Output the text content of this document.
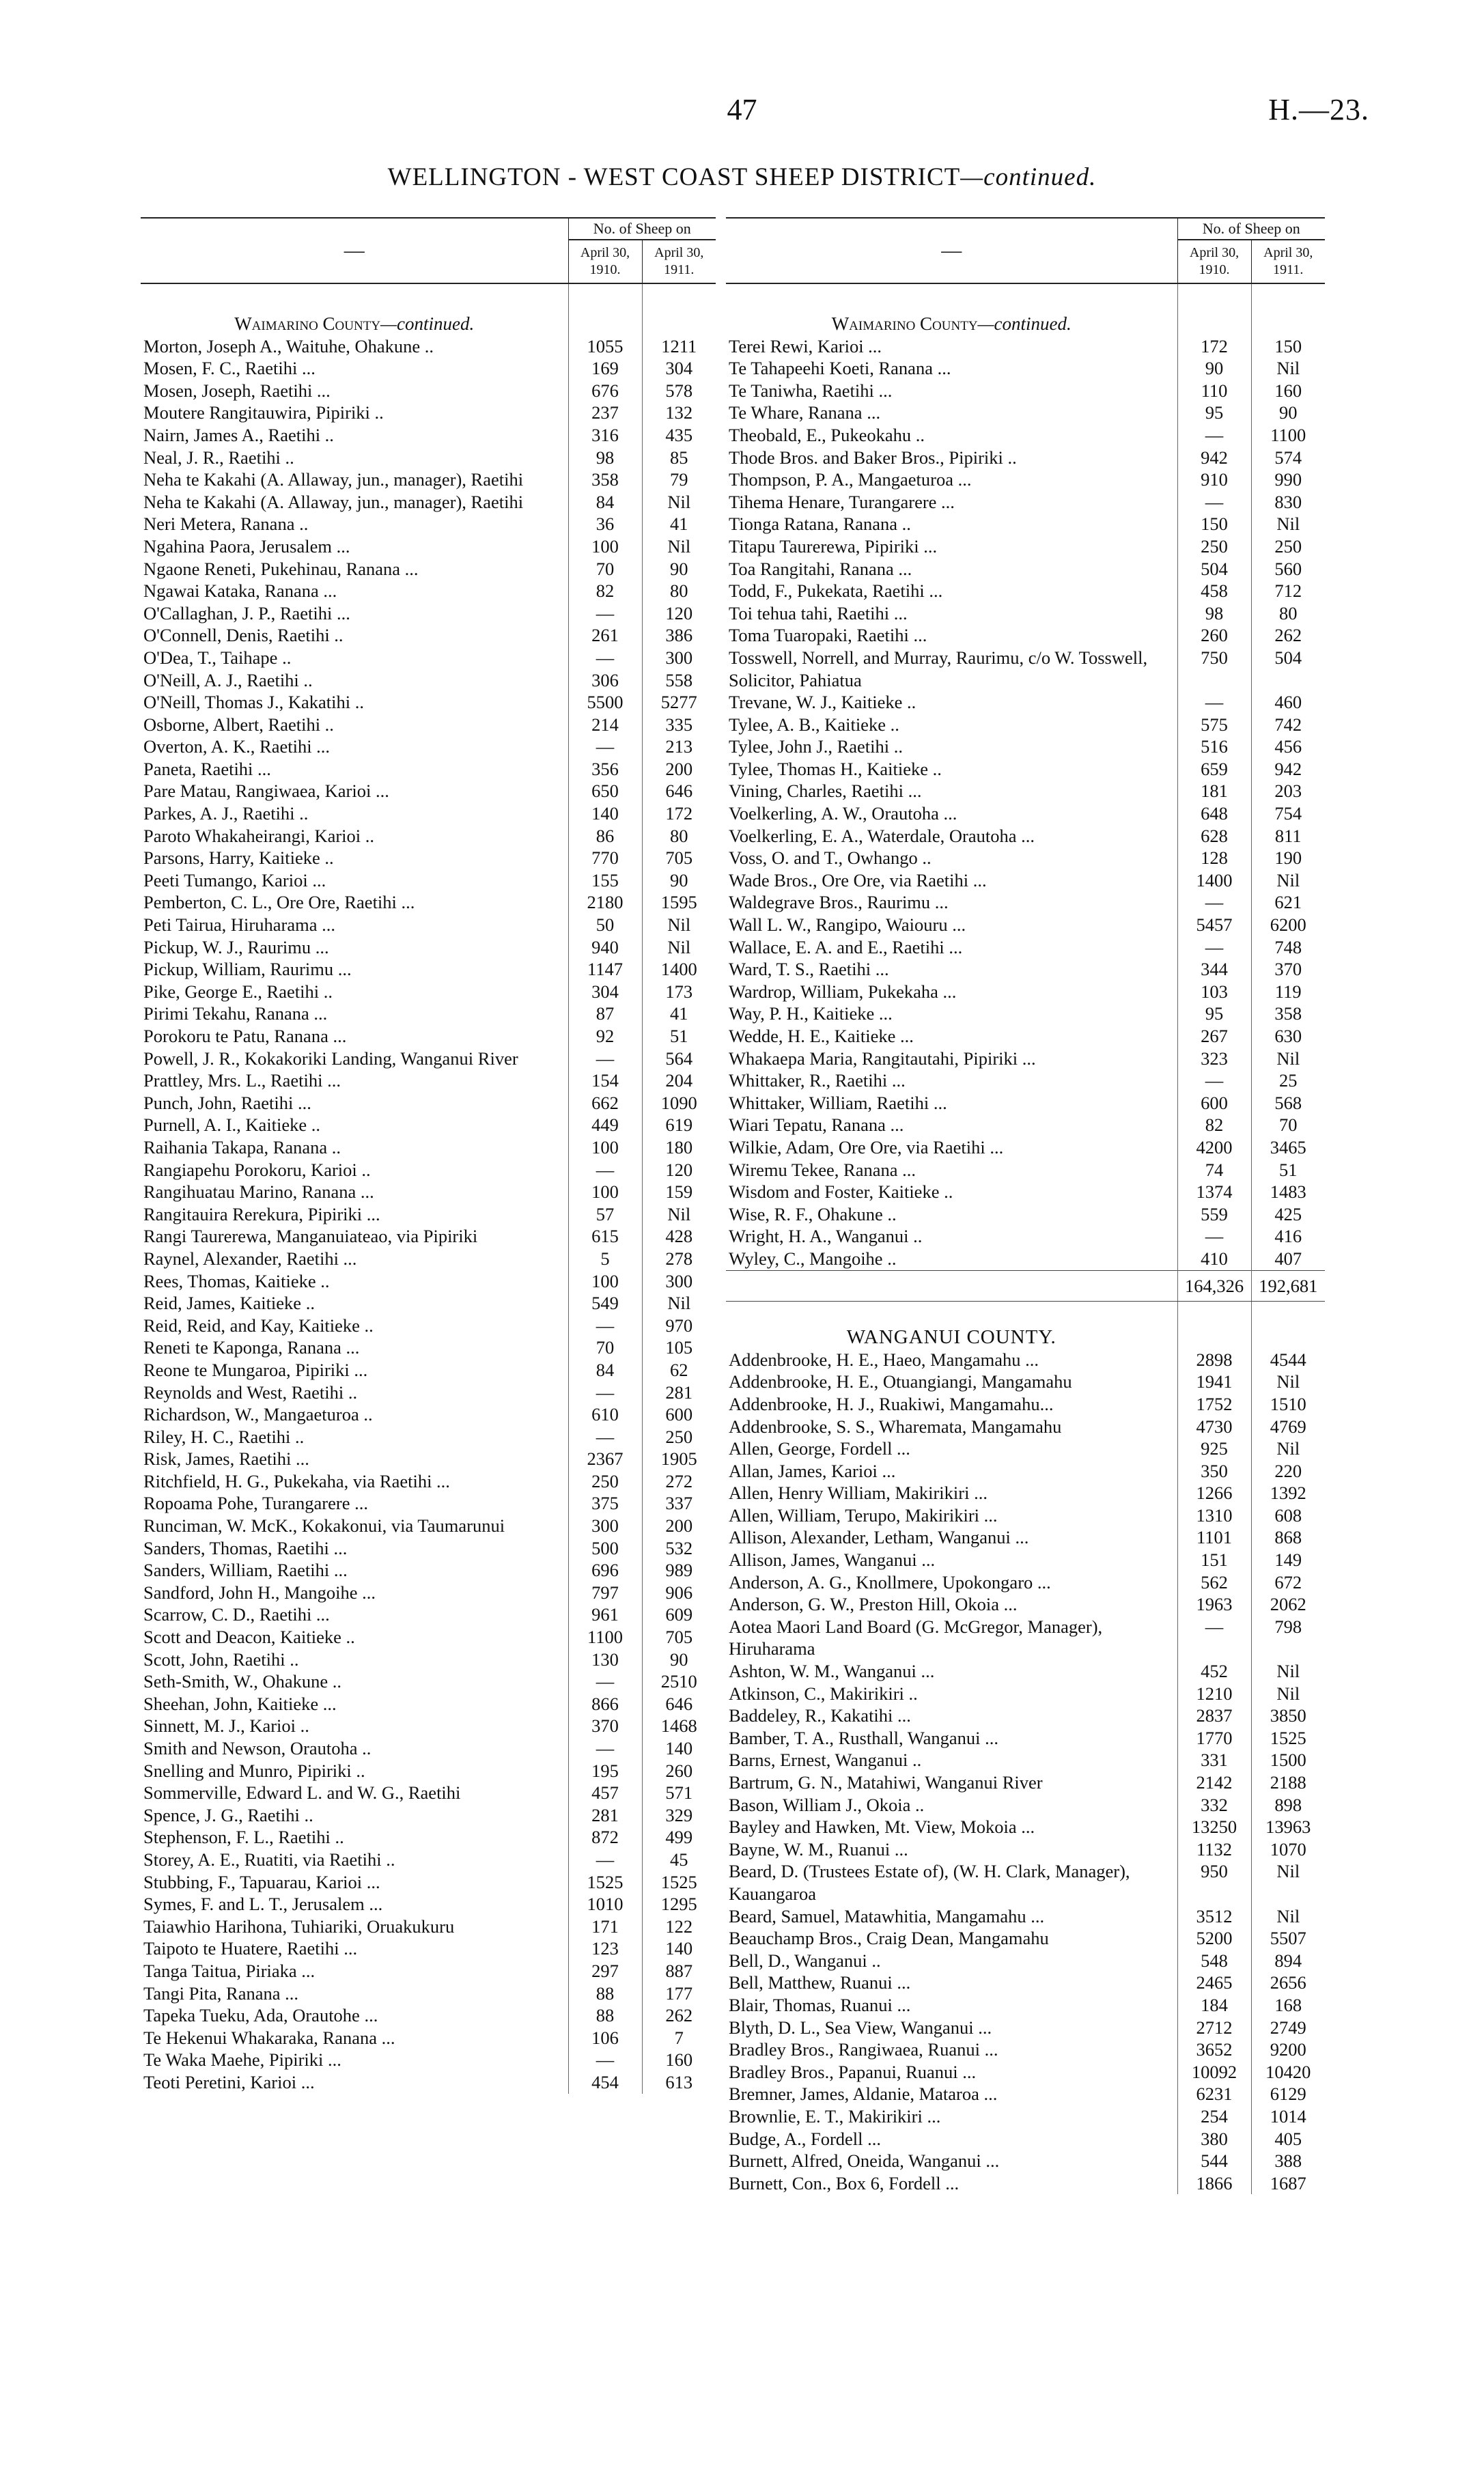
47	H.—23.
WELLINGTON - WEST COAST SHEEP DISTRICT—continued.
—	No. of Sheep on	
	April 30, 1910.	April 30, 1911.
Waimarino County—continued.		
Morton, Joseph A., Waituhe, Ohakune ..	1055	1211
Mosen, F. C., Raetihi ...	169	304
Mosen, Joseph, Raetihi ...	676	578
Moutere Rangitauwira, Pipiriki ..	237	132
Nairn, James A., Raetihi ..	316	435
Neal, J. R., Raetihi ..	98	85
Neha te Kakahi (A. Allaway, jun., manager), Raetihi	358	79
Neha te Kakahi (A. Allaway, jun., manager), Raetihi	84	Nil
Neri Metera, Ranana ..	36	41
Ngahina Paora, Jerusalem ...	100	Nil
Ngaone Reneti, Pukehinau, Ranana ...	70	90
Ngawai Kataka, Ranana ...	82	80
O'Callaghan, J. P., Raetihi ...	—	120
O'Connell, Denis, Raetihi ..	261	386
O'Dea, T., Taihape ..	—	300
O'Neill, A. J., Raetihi ..	306	558
O'Neill, Thomas J., Kakatihi ..	5500	5277
Osborne, Albert, Raetihi ..	214	335
Overton, A. K., Raetihi ...	—	213
Paneta, Raetihi ...	356	200
Pare Matau, Rangiwaea, Karioi ...	650	646
Parkes, A. J., Raetihi ..	140	172
Paroto Whakaheirangi, Karioi ..	86	80
Parsons, Harry, Kaitieke ..	770	705
Peeti Tumango, Karioi ...	155	90
Pemberton, C. L., Ore Ore, Raetihi ...	2180	1595
Peti Tairua, Hiruharama ...	50	Nil
Pickup, W. J., Raurimu ...	940	Nil
Pickup, William, Raurimu ...	1147	1400
Pike, George E., Raetihi ..	304	173
Pirimi Tekahu, Ranana ...	87	41
Porokoru te Patu, Ranana ...	92	51
Powell, J. R., Kokakoriki Landing, Wanganui River	—	564
Prattley, Mrs. L., Raetihi ...	154	204
Punch, John, Raetihi ...	662	1090
Purnell, A. I., Kaitieke ..	449	619
Raihania Takapa, Ranana ..	100	180
Rangiapehu Porokoru, Karioi ..	—	120
Rangihuatau Marino, Ranana ...	100	159
Rangitauira Rerekura, Pipiriki ...	57	Nil
Rangi Taurerewa, Manganuiateao, via Pipiriki	615	428
Raynel, Alexander, Raetihi ...	5	278
Rees, Thomas, Kaitieke ..	100	300
Reid, James, Kaitieke ..	549	Nil
Reid, Reid, and Kay, Kaitieke ..	—	970
Reneti te Kaponga, Ranana ...	70	105
Reone te Mungaroa, Pipiriki ...	84	62
Reynolds and West, Raetihi ..	—	281
Richardson, W., Mangaeturoa ..	610	600
Riley, H. C., Raetihi ..	—	250
Risk, James, Raetihi ...	2367	1905
Ritchfield, H. G., Pukekaha, via Raetihi ...	250	272
Ropoama Pohe, Turangarere ...	375	337
Runciman, W. McK., Kokakonui, via Taumarunui	300	200
Sanders, Thomas, Raetihi ...	500	532
Sanders, William, Raetihi ...	696	989
Sandford, John H., Mangoihe ...	797	906
Scarrow, C. D., Raetihi ...	961	609
Scott and Deacon, Kaitieke ..	1100	705
Scott, John, Raetihi ..	130	90
Seth-Smith, W., Ohakune ..	—	2510
Sheehan, John, Kaitieke ...	866	646
Sinnett, M. J., Karioi ..	370	1468
Smith and Newson, Orautoha ..	—	140
Snelling and Munro, Pipiriki ..	195	260
Sommerville, Edward L. and W. G., Raetihi	457	571
Spence, J. G., Raetihi ..	281	329
Stephenson, F. L., Raetihi ..	872	499
Storey, A. E., Ruatiti, via Raetihi ..	—	45
Stubbing, F., Tapuarau, Karioi ...	1525	1525
Symes, F. and L. T., Jerusalem ...	1010	1295
Taiawhio Harihona, Tuhiariki, Oruakukuru	171	122
Taipoto te Huatere, Raetihi ...	123	140
Tanga Taitua, Piriaka ...	297	887
Tangi Pita, Ranana ...	88	177
Tapeka Tueku, Ada, Orautohe ...	88	262
Te Hekenui Whakaraka, Ranana ...	106	7
Te Waka Maehe, Pipiriki ...	—	160
Teoti Peretini, Karioi ...	454	613
—	No. of Sheep on	
	April 30, 1910.	April 30, 1911.
Waimarino County—continued.		
Terei Rewi, Karioi ...	172	150
Te Tahapeehi Koeti, Ranana ...	90	Nil
Te Taniwha, Raetihi ...	110	160
Te Whare, Ranana ...	95	90
Theobald, E., Pukeokahu ..	—	1100
Thode Bros. and Baker Bros., Pipiriki ..	942	574
Thompson, P. A., Mangaeturoa ...	910	990
Tihema Henare, Turangarere ...	—	830
Tionga Ratana, Ranana ..	150	Nil
Titapu Taurerewa, Pipiriki ...	250	250
Toa Rangitahi, Ranana ...	504	560
Todd, F., Pukekata, Raetihi ...	458	712
Toi tehua tahi, Raetihi ...	98	80
Toma Tuaropaki, Raetihi ...	260	262
Tosswell, Norrell, and Murray, Raurimu, c/o W. Tosswell, Solicitor, Pahiatua	750	504
Trevane, W. J., Kaitieke ..	—	460
Tylee, A. B., Kaitieke ..	575	742
Tylee, John J., Raetihi ..	516	456
Tylee, Thomas H., Kaitieke ..	659	942
Vining, Charles, Raetihi ...	181	203
Voelkerling, A. W., Orautoha ...	648	754
Voelkerling, E. A., Waterdale, Orautoha ...	628	811
Voss, O. and T., Owhango ..	128	190
Wade Bros., Ore Ore, via Raetihi ...	1400	Nil
Waldegrave Bros., Raurimu ...	—	621
Wall L. W., Rangipo, Waiouru ...	5457	6200
Wallace, E. A. and E., Raetihi ...	—	748
Ward, T. S., Raetihi ...	344	370
Wardrop, William, Pukekaha ...	103	119
Way, P. H., Kaitieke ...	95	358
Wedde, H. E., Kaitieke ...	267	630
Whakaepa Maria, Rangitautahi, Pipiriki ...	323	Nil
Whittaker, R., Raetihi ...	—	25
Whittaker, William, Raetihi ...	600	568
Wiari Tepatu, Ranana ...	82	70
Wilkie, Adam, Ore Ore, via Raetihi ...	4200	3465
Wiremu Tekee, Ranana ...	74	51
Wisdom and Foster, Kaitieke ..	1374	1483
Wise, R. F., Ohakune ..	559	425
Wright, H. A., Wanganui ..	—	416
Wyley, C., Mangoihe ..	410	407
	164,326	192,681
WANGANUI COUNTY.		
Addenbrooke, H. E., Haeo, Mangamahu ...	2898	4544
Addenbrooke, H. E., Otuangiangi, Mangamahu	1941	Nil
Addenbrooke, H. J., Ruakiwi, Mangamahu...	1752	1510
Addenbrooke, S. S., Wharemata, Mangamahu	4730	4769
Allen, George, Fordell ...	925	Nil
Allan, James, Karioi ...	350	220
Allen, Henry William, Makirikiri ...	1266	1392
Allen, William, Terupo, Makirikiri ...	1310	608
Allison, Alexander, Letham, Wanganui ...	1101	868
Allison, James, Wanganui ...	151	149
Anderson, A. G., Knollmere, Upokongaro ...	562	672
Anderson, G. W., Preston Hill, Okoia ...	1963	2062
Aotea Maori Land Board (G. McGregor, Manager), Hiruharama	—	798
Ashton, W. M., Wanganui ...	452	Nil
Atkinson, C., Makirikiri ..	1210	Nil
Baddeley, R., Kakatihi ...	2837	3850
Bamber, T. A., Rusthall, Wanganui ...	1770	1525
Barns, Ernest, Wanganui ..	331	1500
Bartrum, G. N., Matahiwi, Wanganui River	2142	2188
Bason, William J., Okoia ..	332	898
Bayley and Hawken, Mt. View, Mokoia ...	13250	13963
Bayne, W. M., Ruanui ...	1132	1070
Beard, D. (Trustees Estate of), (W. H. Clark, Manager), Kauangaroa	950	Nil
Beard, Samuel, Matawhitia, Mangamahu ...	3512	Nil
Beauchamp Bros., Craig Dean, Mangamahu	5200	5507
Bell, D., Wanganui ..	548	894
Bell, Matthew, Ruanui ...	2465	2656
Blair, Thomas, Ruanui ...	184	168
Blyth, D. L., Sea View, Wanganui ...	2712	2749
Bradley Bros., Rangiwaea, Ruanui ...	3652	9200
Bradley Bros., Papanui, Ruanui ...	10092	10420
Bremner, James, Aldanie, Mataroa ...	6231	6129
Brownlie, E. T., Makirikiri ...	254	1014
Budge, A., Fordell ...	380	405
Burnett, Alfred, Oneida, Wanganui ...	544	388
Burnett, Con., Box 6, Fordell ...	1866	1687
